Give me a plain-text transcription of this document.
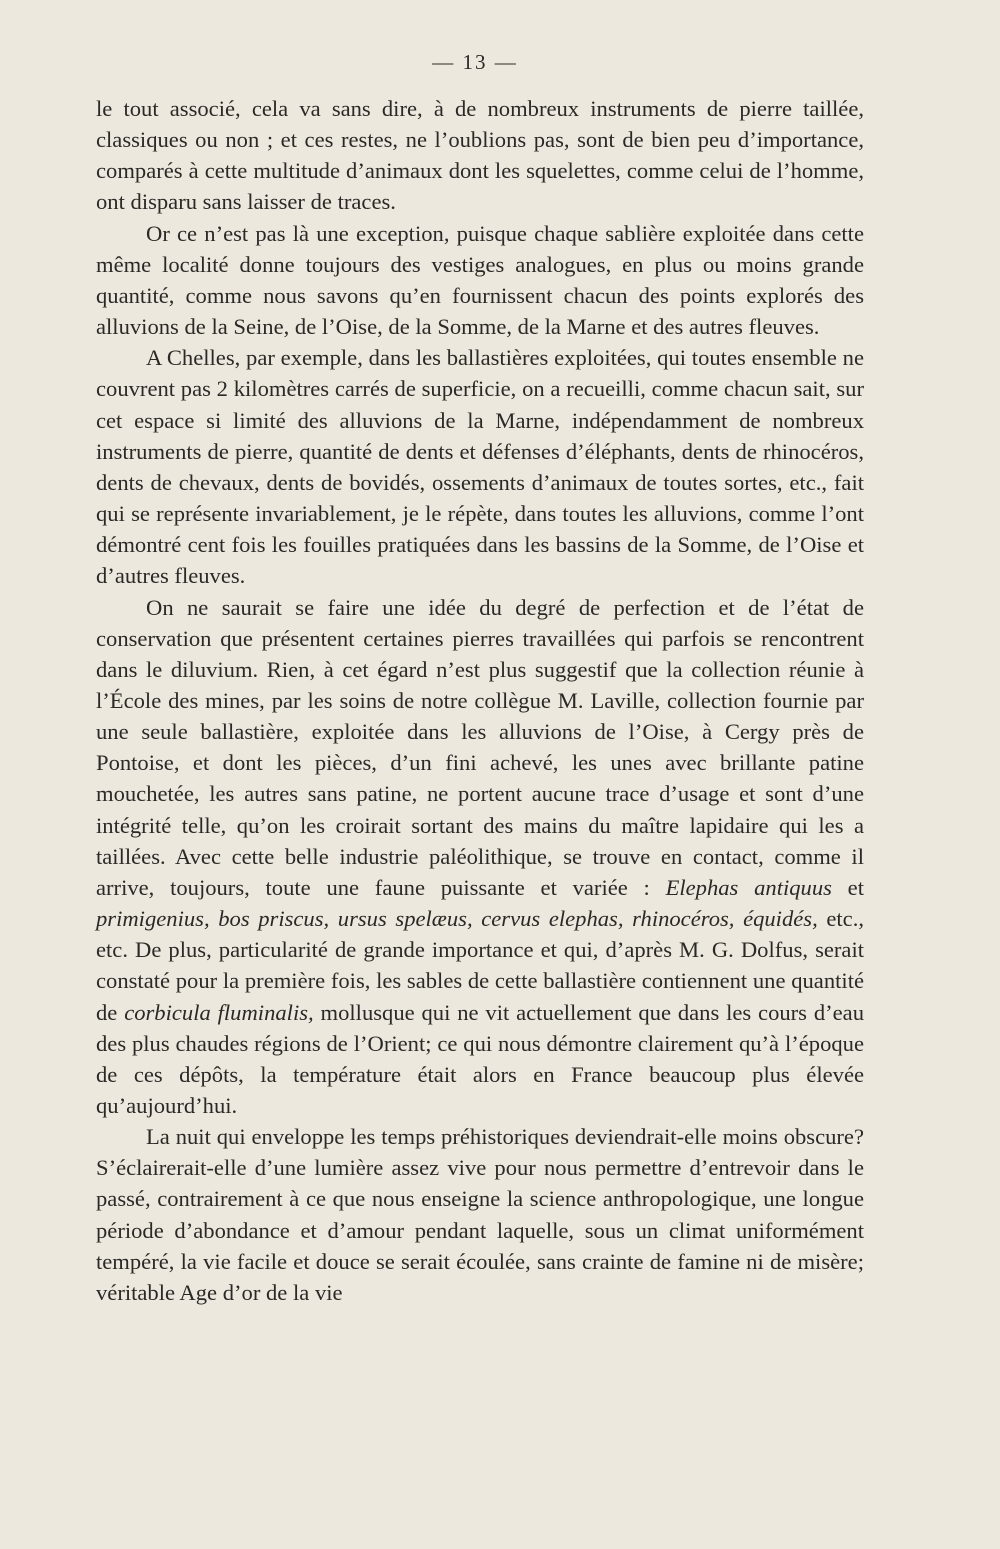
— 13 —

le tout associé, cela va sans dire, à de nombreux instruments de pierre taillée, classiques ou non ; et ces restes, ne l’oublions pas, sont de bien peu d’importance, comparés à cette multitude d’animaux dont les squelettes, comme celui de l’homme, ont disparu sans laisser de traces.

Or ce n’est pas là une exception, puisque chaque sablière exploitée dans cette même localité donne toujours des vestiges analogues, en plus ou moins grande quantité, comme nous savons qu’en fournissent chacun des points explorés des alluvions de la Seine, de l’Oise, de la Somme, de la Marne et des autres fleuves.

A Chelles, par exemple, dans les ballastières exploitées, qui toutes ensemble ne couvrent pas 2 kilomètres carrés de superficie, on a recueilli, comme chacun sait, sur cet espace si limité des alluvions de la Marne, indépendamment de nombreux instruments de pierre, quantité de dents et défenses d’éléphants, dents de rhinocéros, dents de chevaux, dents de bovidés, ossements d’animaux de toutes sortes, etc., fait qui se représente invariablement, je le répète, dans toutes les alluvions, comme l’ont démontré cent fois les fouilles pratiquées dans les bassins de la Somme, de l’Oise et d’autres fleuves.

On ne saurait se faire une idée du degré de perfection et de l’état de conservation que présentent certaines pierres travaillées qui parfois se rencontrent dans le diluvium. Rien, à cet égard n’est plus suggestif que la collection réunie à l’École des mines, par les soins de notre collègue M. Laville, collection fournie par une seule ballastière, exploitée dans les alluvions de l’Oise, à Cergy près de Pontoise, et dont les pièces, d’un fini achevé, les unes avec brillante patine mouchetée, les autres sans patine, ne portent aucune trace d’usage et sont d’une intégrité telle, qu’on les croirait sortant des mains du maître lapidaire qui les a taillées. Avec cette belle industrie paléolithique, se trouve en contact, comme il arrive, toujours, toute une faune puissante et variée : Elephas antiquus et primigenius, bos priscus, ursus spelæus, cervus elephas, rhinocéros, équidés, etc., etc. De plus, particularité de grande importance et qui, d’après M. G. Dolfus, serait constaté pour la première fois, les sables de cette ballastière contiennent une quantité de corbicula fluminalis, mollusque qui ne vit actuellement que dans les cours d’eau des plus chaudes régions de l’Orient; ce qui nous démontre clairement qu’à l’époque de ces dépôts, la température était alors en France beaucoup plus élevée qu’aujourd’hui.

La nuit qui enveloppe les temps préhistoriques deviendrait-elle moins obscure? S’éclairerait-elle d’une lumière assez vive pour nous permettre d’entrevoir dans le passé, contrairement à ce que nous enseigne la science anthropologique, une longue période d’abondance et d’amour pendant laquelle, sous un climat uniformément tempéré, la vie facile et douce se serait écoulée, sans crainte de famine ni de misère; véritable Age d’or de la vie
